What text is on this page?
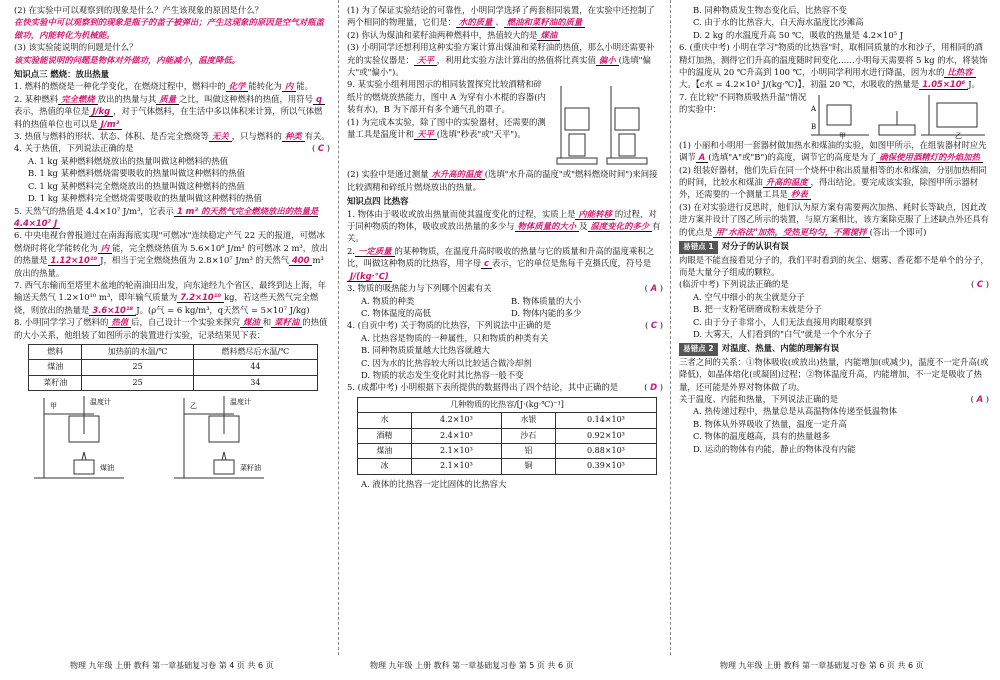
(2) 在实验中可以观察到的现象是什么？产生该现象的原因是什么？

在快实验中可以观察到的现象是瓶子的盖子被弹出；产生这现象的原因是空气对瓶盖做功，内能转化为机械能。

(3) 该实验能说明的问题是什么？

该实验能说明的问题是物体对外做功，内能减小，温度降低。

知识点三 燃烧：放出热量

1. 燃料的燃烧是一种化学变化，在燃烧过程中，燃料中的 化学 能转化为 内 能。

2. 某种燃料 完全燃烧 放出的热量与其 质量 之比，叫做这种燃料的热值，用符号 q表示，热值的单位是 J/kg ，对于气体燃料，在生活中多以体积来计算，所以气体燃料的热值单位也可以是 J/m³

3. 热值与燃料的形状、状态、体积、是否完全燃烧等 无关 ，只与燃料的 种类 有关。

4. 关于热值，下列说法正确的是	( C )

A. 1 kg 某种燃料燃烧放出的热量叫做这种燃料的热值

B. 1 kg 某种燃料燃烧需要吸收的热量叫做这种燃料的热值

C. 1 kg 某种燃料完全燃烧放出的热量叫做这种燃料的热值

D. 1 kg 某种燃料完全燃烧需要吸收的热量叫做这种燃料的热值

5. 天然气的热值是 4.4×10⁷ J/m³，它表示 1 m³ 的天然气完全燃烧放出的热量是 4.4×10⁷ J

6. 中央电视台曾报道过在南海海底实现"可燃冰"连续稳定产气 22 天的报道，可燃冰燃烧时将化学能转化为 内 能，完全燃烧热值为 5.6×10⁹ J/m³ 的可燃冰 2 m³，放出的热量是 1.12×10¹⁰ J，相当于完全燃烧热值为 2.8×10⁷ J/m³ 的天然气 400 m³ 放出的热量。

7. 西气东输而至塔里木盆地的轮南油田出发，向东途经九个省区，最终到达上海，年输送天然气 1.2×10¹⁰ m³，即年输气质量为 7.2×10¹⁰ kg，若这些天然气完全燃烧，则放出的热量是 3.6×10¹⁸ J。(ρ气 = 6 kg/m³，q天然气 = 5×10⁷ J/kg)

8. 小明同学学习了燃料的 热值 后，自己设计一个实验来探究 煤油 和 菜籽油 的热值的大小关系，他组装了如图所示的装置进行实验，记录结果见下表：

燃料	加热前的水温/℃	燃料燃尽后水温/℃
煤油	25	44
菜籽油	25	34
温度计	温度计
甲	乙
煤油	菜籽油

(1) 为了保证实验结论的可靠性，小明同学选择了两套相同装置，在实验中还控制了两个相同的物理量，它们是： 水的质量 、 燃油和菜籽油的质量

(2) 你认为煤油和菜籽油两种燃料中，热值较大的是 煤油

(3) 小明同学还想利用这种实验方案计算出煤油和菜籽油的热值，那么小明还需要补充的实验仪器是： 天平 ，利用此实验方法计算出的热值将比真实值 偏小 (选填"偏大"或"偏小")。

9. 某实验小组利用图示的相同装置探究比较酒精和碎纸片的燃烧放热能力，图中 A 为穿有小木棍的容器(内装有水)，B 为下部开有多个通气孔的罩子。

(1) 为完成本实验，除了图中的实验器材，还需要的测量工具是温度计和 天平 (选填"秒表"或"天平")。

(2) 实验中是通过测量 水升高的温度 (选填"水升高的温度"或"燃料燃烧时间")来间接比较酒精和碎纸片燃烧放出的热量。

知识点四 比热容

1. 物体由于吸收或放出热量而使其温度变化的过程，实质上是 内能转移 的过程，对于同种物质的物体，吸收或放出热量的多少与 物体质量的大小 及 温度变化的多少 有关。

2. 一定质量 的某种物质，在温度升高时吸收的热量与它的质量和升高的温度乘积之比，叫做这种物质的比热容，用字母 c 表示，它的单位是焦每千克摄氏度，符号是J/(kg·℃)

3. 物质的吸热能力与下列哪个因素有关	( A )

A. 物质的种类	B. 物体质量的大小
C. 物体温度的高低	D. 物体内能的多少

4. (自贡中考) 关于物质的比热容，下列说法中正确的是	( C )

A. 比热容是物质的一种属性，只和物质的种类有关

B. 同种物质质量越大比热容就越大

C. 因为水的比热容较大所以比较适合做冷却剂

D. 物质的状态发生变化时其比热容一般不变

5. (成都中考) 小明根据下表所提供的数据得出了四个结论，其中正确的是	( D )

几种物质的比热容/[J·(kg·℃)⁻¹]			
水	4.2×10³	水银	0.14×10³
酒精	2.4×10³	沙石	0.92×10³
煤油	2.1×10³	铝	0.88×10³
冰	2.1×10³	铜	0.39×10³

A. 液体的比热容一定比固体的比热容大

B. 同种物质发生物态变化后，比热容不变

C. 由于水的比热容大，白天海水温度比沙滩高

D. 2 kg 的水温度升高 50 ℃，吸收的热量是 4.2×10⁵ J

6. (重庆中考) 小明在学习"物质的比热容"时，取相同质量的水和沙子，用相同的酒精灯加热，测得它们升高的温度随时间变化……小明每天需要将 5 kg 的水，将装饰中的温度从 20 ℃升高到 100 ℃，小明同学利用水进行降温，因为水的 比热容大。【c水 = 4.2×10³ J/(kg·℃)】，初温 20 ℃，水吸收的热量是 1.05×10⁶ J。

7. 在比较"不同物质吸热升温"情况的实验中：	A
B
甲	乙

(1) 小丽和小明用一套器材做加热水和煤油的实验，如图甲所示，在组装器材时应先调节 A (选填"A"或"B")的高度，调节它的高度是为了 确保使用酒精灯的外焰加热

(2) 组装好器材，他们先后在同一个烧杯中称出质量相等的水和煤油，分别加热相同的时间，比较水和煤油 升高的温度 ，得出结论。要完成该实验，除图甲所示器材外，还需要的一个测量工具是 秒表

(3) 在对实验进行反思时，他们认为原方案有需要两次加热、耗时长等缺点，因此改进方案并设计了图乙所示的装置，与原方案相比，该方案除克服了上述缺点外还具有的优点是 用"水浴法"加热，受热更均匀，不需搅拌 (答出一个即可)

易错点 1 对分子的认识有误

肉眼是不能直接看见分子的，我们平时看到的灰尘、烟雾、香花都不是单个的分子，而是大量分子组成的颗粒。

(临沂中考) 下列说法正确的是	( C )

A. 空气中细小的灰尘就是分子

B. 把一支粉笔研磨成粉末就是分子

C. 由于分子非常小，人们无法直接用肉眼观察到

D. 大雾天，人们看到的"白气"就是一个个水分子

易错点 2 对温度、热量、内能的理解有误

三者之间的关系：①物体吸收(或放出)热量，内能增加(或减少)，温度不一定升高(或降低)，如晶体熔化(或凝固)过程；②物体温度升高，内能增加，不一定是吸收了热量，还可能是外界对物体做了功。

关于温度、内能和热量，下列说法正确的是	( A )

A. 热传递过程中，热量总是从高温物体传递至低温物体

B. 物体从外界吸收了热量，温度一定升高

C. 物体的温度越高，具有的热量越多

D. 运动的物体有内能，静止的物体没有内能

物理 九年级 上册 教科 第一章基础复习卷 第 4 页 共 6 页	物理 九年级 上册 教科 第一章基础复习卷 第 5 页 共 6 页	物理 九年级 上册 教科 第一章基础复习卷 第 6 页 共 6 页
